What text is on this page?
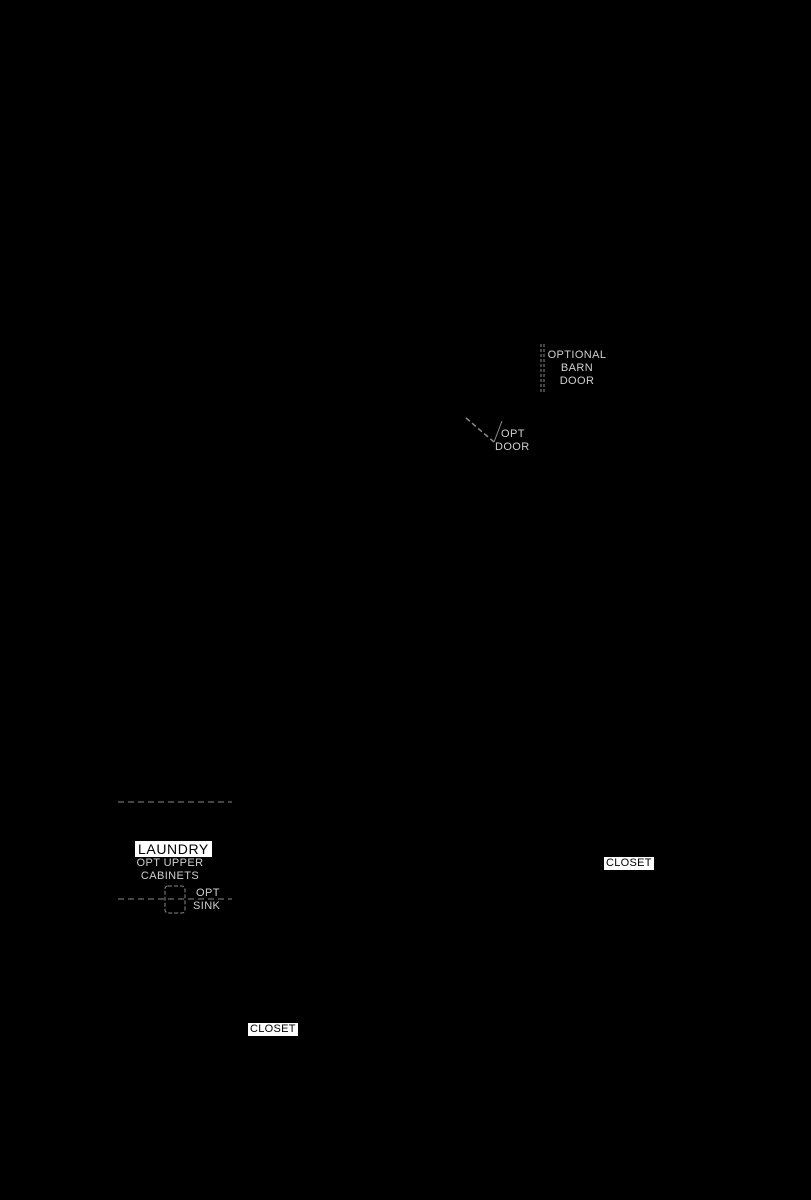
OPTIONAL
BARN
DOOR
OPT
DOOR
LAUNDRY
OPT UPPER
CABINETS
OPT
SINK
CLOSET
CLOSET
